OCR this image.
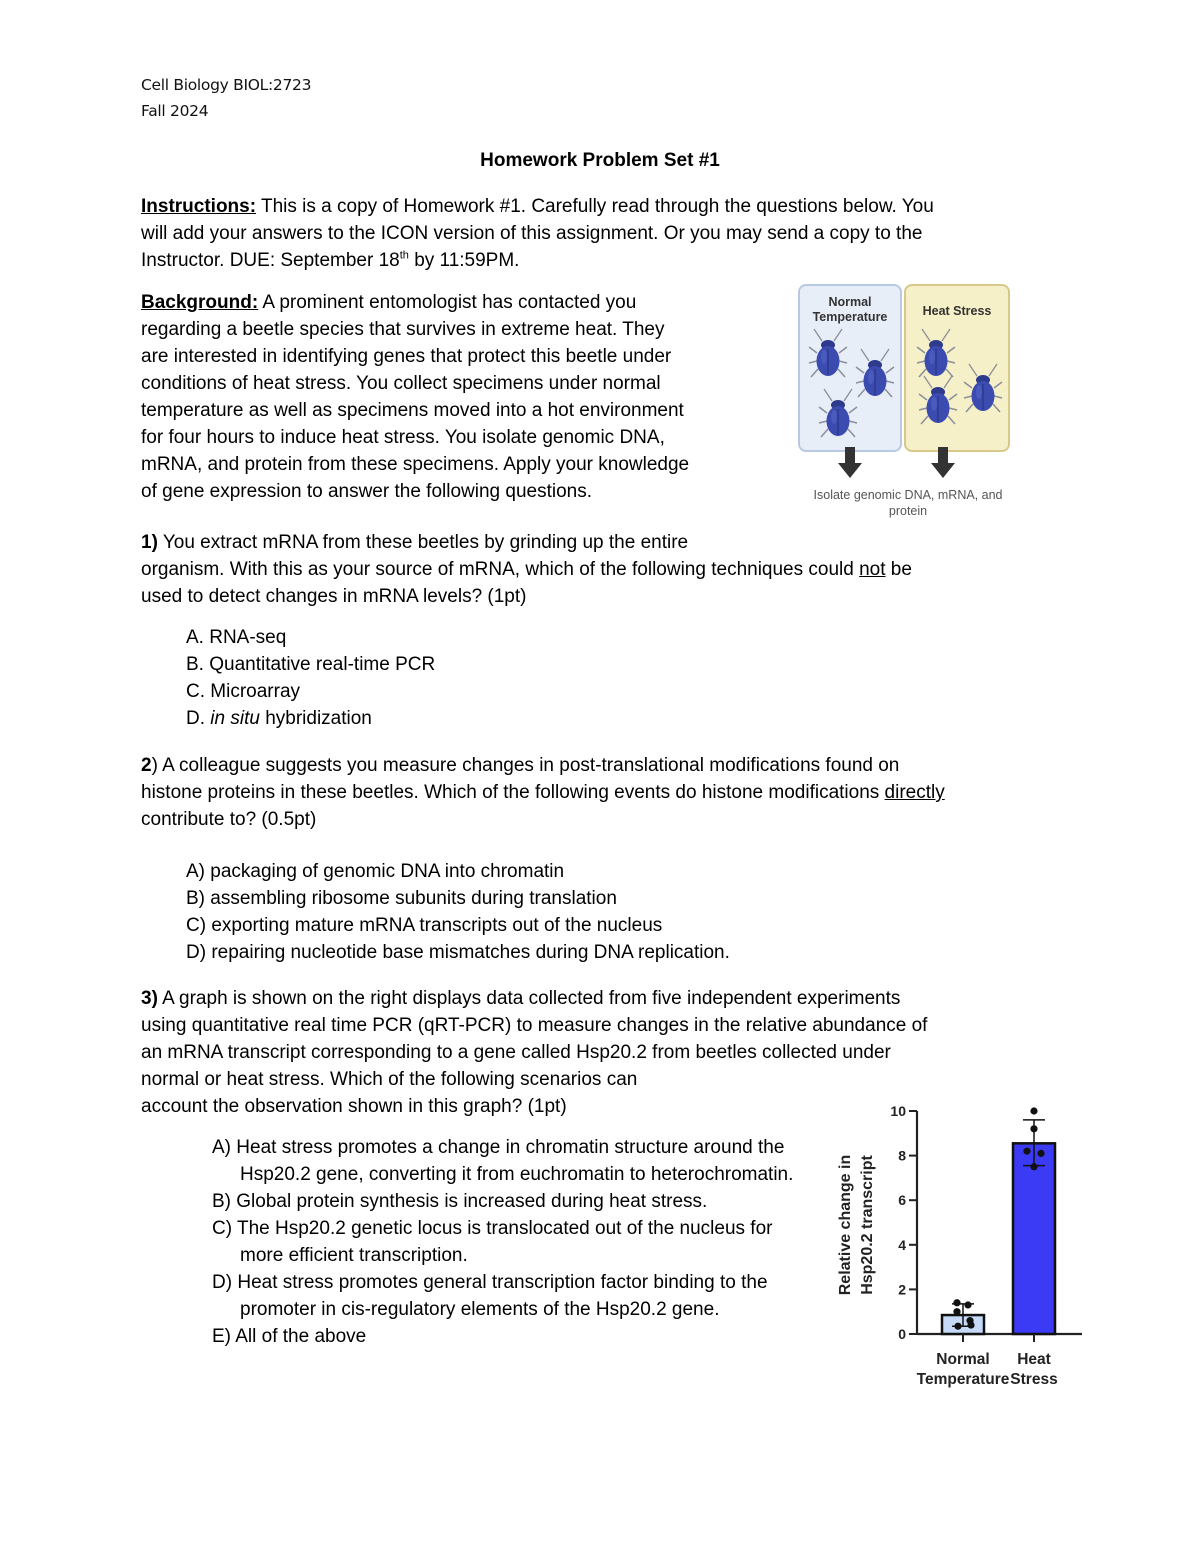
Cell Biology BIOL:2723
Fall 2024
Homework Problem Set #1
Instructions: This is a copy of Homework #1. Carefully read through the questions below. You
will add your answers to the ICON version of this assignment. Or you may send a copy to the
Instructor. DUE: September 18th by 11:59PM.
Background: A prominent entomologist has contacted you
regarding a beetle species that survives in extreme heat. They
are interested in identifying genes that protect this beetle under
conditions of heat stress. You collect specimens under normal
temperature as well as specimens moved into a hot environment
for four hours to induce heat stress. You isolate genomic DNA,
mRNA, and protein from these specimens. Apply your knowledge
of gene expression to answer the following questions.
Normal
Temperature	Heat Stress
Isolate genomic DNA, mRNA, and
protein
1) You extract mRNA from these beetles by grinding up the entire
organism. With this as your source of mRNA, which of the following techniques could not be
used to detect changes in mRNA levels? (1pt)
A. RNA-seq
B. Quantitative real-time PCR
C. Microarray
D. in situ hybridization
2) A colleague suggests you measure changes in post-translational modifications found on
histone proteins in these beetles. Which of the following events do histone modifications directly
contribute to? (0.5pt)
A) packaging of genomic DNA into chromatin
B) assembling ribosome subunits during translation
C) exporting mature mRNA transcripts out of the nucleus
D) repairing nucleotide base mismatches during DNA replication.
3) A graph is shown on the right displays data collected from five independent experiments
using quantitative real time PCR (qRT-PCR) to measure changes in the relative abundance of
an mRNA transcript corresponding to a gene called Hsp20.2 from beetles collected under
normal or heat stress. Which of the following scenarios can
account the observation shown in this graph? (1pt)
A) Heat stress promotes a change in chromatin structure around the Hsp20.2 gene, converting it from euchromatin to heterochromatin.
B) Global protein synthesis is increased during heat stress.
C) The Hsp20.2 genetic locus is translocated out of the nucleus for more efficient transcription.
D) Heat stress promotes general transcription factor binding to the promoter in cis-regulatory elements of the Hsp20.2 gene.
E) All of the above	0
2
4
6
8
10
Relative change in Hsp20.2 transcript
Normal
Temperature
Heat
Stress
